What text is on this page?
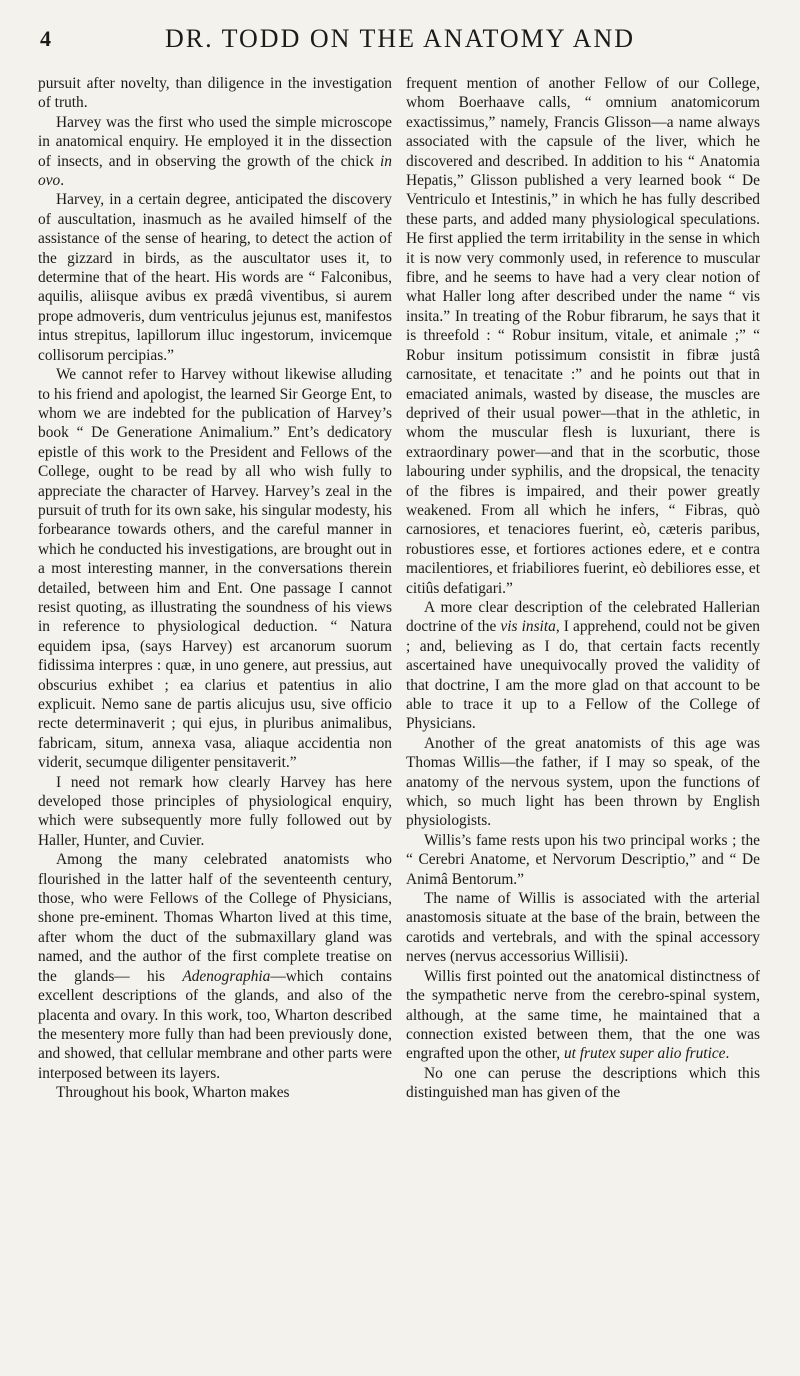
4	DR. TODD ON THE ANATOMY AND

pursuit after novelty, than diligence in the investigation of truth.

Harvey was the first who used the simple microscope in anatomical enquiry. He employed it in the dissection of insects, and in observing the growth of the chick in ovo.

Harvey, in a certain degree, anticipated the discovery of auscultation, inasmuch as he availed himself of the assistance of the sense of hearing, to detect the action of the gizzard in birds, as the auscultator uses it, to determine that of the heart. His words are “ Falconibus, aquilis, aliisque avibus ex prædâ viventibus, si aurem prope admoveris, dum ventriculus jejunus est, manifestos intus strepitus, lapillorum illuc ingestorum, invicemque collisorum percipias.”

We cannot refer to Harvey without likewise alluding to his friend and apologist, the learned Sir George Ent, to whom we are indebted for the publication of Harvey’s book “ De Generatione Animalium.” Ent’s dedicatory epistle of this work to the President and Fellows of the College, ought to be read by all who wish fully to appreciate the character of Harvey. Harvey’s zeal in the pursuit of truth for its own sake, his singular modesty, his forbearance towards others, and the careful manner in which he conducted his investigations, are brought out in a most interesting manner, in the conversations therein detailed, between him and Ent. One passage I cannot resist quoting, as illustrating the soundness of his views in reference to physiological deduction. “ Natura equidem ipsa, (says Harvey) est arcanorum suorum fidissima interpres : quæ, in uno genere, aut pressius, aut obscurius exhibet ; ea clarius et patentius in alio explicuit. Nemo sane de partis alicujus usu, sive officio recte determinaverit ; qui ejus, in pluribus animalibus, fabricam, situm, annexa vasa, aliaque accidentia non viderit, secumque diligenter pensitaverit.”

I need not remark how clearly Harvey has here developed those principles of physiological enquiry, which were subsequently more fully followed out by Haller, Hunter, and Cuvier.

Among the many celebrated anatomists who flourished in the latter half of the seventeenth century, those, who were Fellows of the College of Physicians, shone pre-eminent. Thomas Wharton lived at this time, after whom the duct of the submaxillary gland was named, and the author of the first complete treatise on the glands— his Adenographia—which contains excellent descriptions of the glands, and also of the placenta and ovary. In this work, too, Wharton described the mesentery more fully than had been previously done, and showed, that cellular membrane and other parts were interposed between its layers.

Throughout his book, Wharton makes

frequent mention of another Fellow of our College, whom Boerhaave calls, “ omnium anatomicorum exactissimus,” namely, Francis Glisson—a name always associated with the capsule of the liver, which he discovered and described. In addition to his “ Anatomia Hepatis,” Glisson published a very learned book “ De Ventriculo et Intestinis,” in which he has fully described these parts, and added many physiological speculations. He first applied the term irritability in the sense in which it is now very commonly used, in reference to muscular fibre, and he seems to have had a very clear notion of what Haller long after described under the name “ vis insita.” In treating of the Robur fibrarum, he says that it is threefold : “ Robur insitum, vitale, et animale ;” “ Robur insitum potissimum consistit in fibræ justâ carnositate, et tenacitate :” and he points out that in emaciated animals, wasted by disease, the muscles are deprived of their usual power—that in the athletic, in whom the muscular flesh is luxuriant, there is extraordinary power—and that in the scorbutic, those labouring under syphilis, and the dropsical, the tenacity of the fibres is impaired, and their power greatly weakened. From all which he infers, “ Fibras, quò carnosiores, et tenaciores fuerint, eò, cæteris paribus, robustiores esse, et fortiores actiones edere, et e contra macilentiores, et friabiliores fuerint, eò debiliores esse, et citiûs defatigari.”

A more clear description of the celebrated Hallerian doctrine of the vis insita, I apprehend, could not be given ; and, believing as I do, that certain facts recently ascertained have unequivocally proved the validity of that doctrine, I am the more glad on that account to be able to trace it up to a Fellow of the College of Physicians.

Another of the great anatomists of this age was Thomas Willis—the father, if I may so speak, of the anatomy of the nervous system, upon the functions of which, so much light has been thrown by English physiologists.

Willis’s fame rests upon his two principal works ; the “ Cerebri Anatome, et Nervorum Descriptio,” and “ De Animâ Bentorum.”

The name of Willis is associated with the arterial anastomosis situate at the base of the brain, between the carotids and vertebrals, and with the spinal accessory nerves (nervus accessorius Willisii).

Willis first pointed out the anatomical distinctness of the sympathetic nerve from the cerebro-spinal system, although, at the same time, he maintained that a connection existed between them, that the one was engrafted upon the other, ut frutex super alio frutice.

No one can peruse the descriptions which this distinguished man has given of the
